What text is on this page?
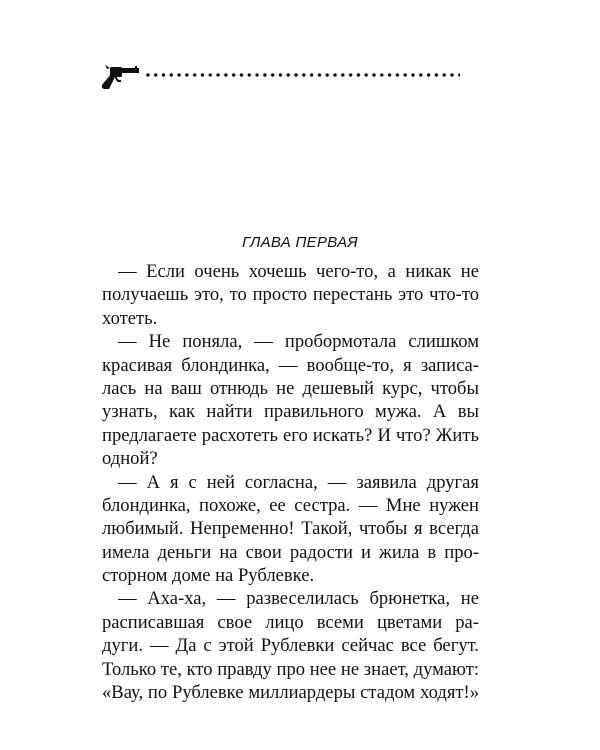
ГЛАВА ПЕРВАЯ
— Если очень хочешь чего-то, а никак не
получаешь это, то просто перестань это что-то
хотеть.
— Не поняла, — пробормотала слишком
красивая блондинка, — вообще-то, я записа-
лась на ваш отнюдь не дешевый курс, чтобы
узнать, как найти правильного мужа. А вы
предлагаете расхотеть его искать? И что? Жить
одной?
— А я с ней согласна, — заявила другая
блондинка, похоже, ее сестра. — Мне нужен
любимый. Непременно! Такой, чтобы я всегда
имела деньги на свои радости и жила в про-
сторном доме на Рублевке.
— Аха-ха, — развеселилась брюнетка, не
расписавшая свое лицо всеми цветами ра-
дуги. — Да с этой Рублевки сейчас все бегут.
Только те, кто правду про нее не знает, думают:
«Вау, по Рублевке миллиардеры стадом ходят!»
